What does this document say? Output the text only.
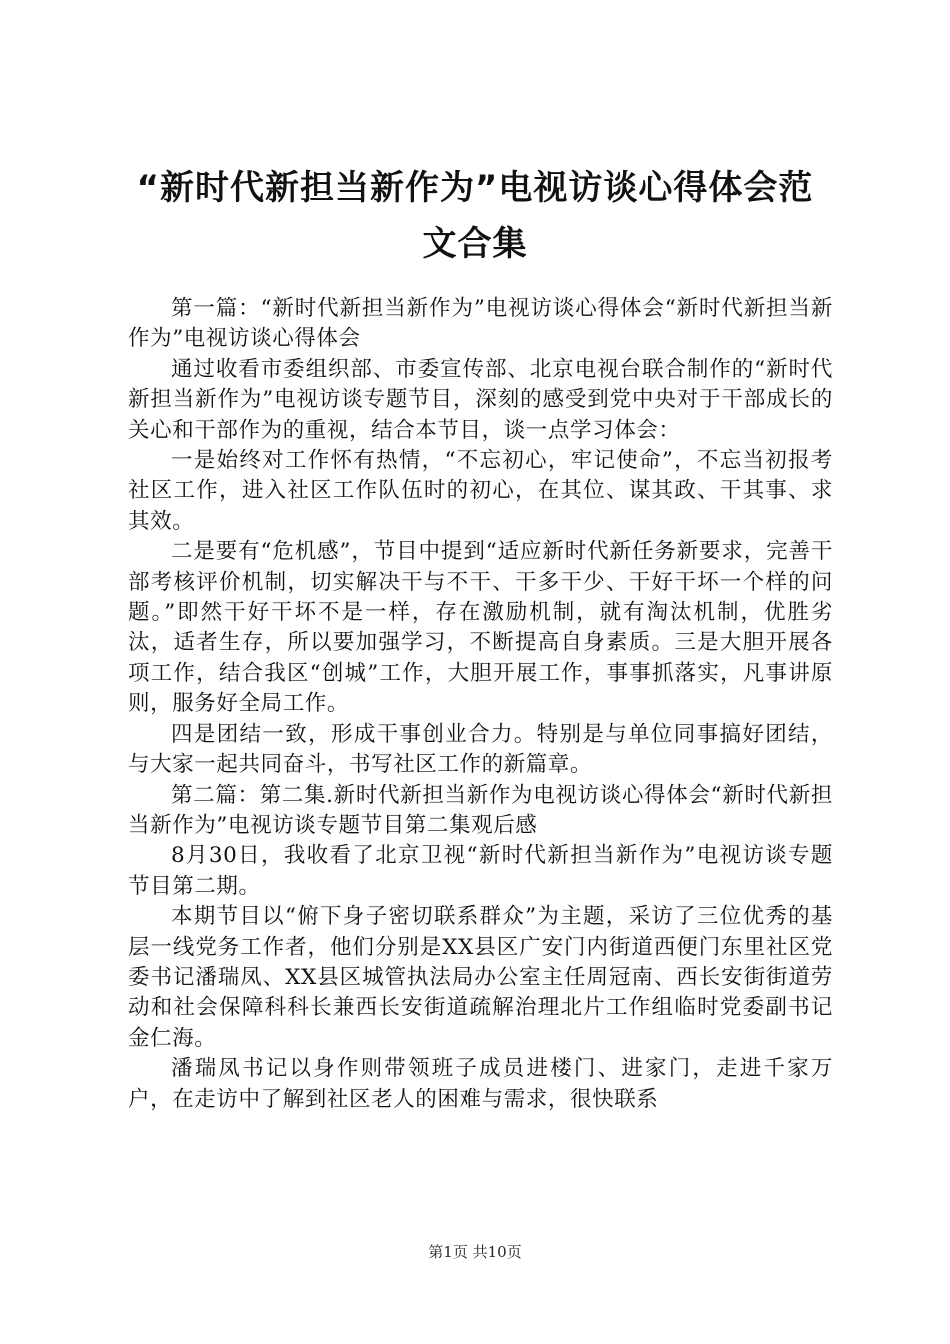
“新时代新担当新作为”电视访谈心得体会范
文合集

第一篇：“新时代新担当新作为”电视访谈心得体会“新时代新担当新作为”电视访谈心得体会

通过收看市委组织部、市委宣传部、北京电视台联合制作的“新时代新担当新作为”电视访谈专题节目，深刻的感受到党中央对于干部成长的关心和干部作为的重视，结合本节目，谈一点学习体会：

一是始终对工作怀有热情，“不忘初心，牢记使命”，不忘当初报考社区工作，进入社区工作队伍时的初心，在其位、谋其政、干其事、求其效。

二是要有“危机感”，节目中提到“适应新时代新任务新要求，完善干部考核评价机制，切实解决干与不干、干多干少、干好干坏一个样的问题。”即然干好干坏不是一样，存在激励机制，就有淘汰机制，优胜劣汰，适者生存，所以要加强学习，不断提高自身素质。三是大胆开展各项工作，结合我区“创城”工作，大胆开展工作，事事抓落实，凡事讲原则，服务好全局工作。

四是团结一致，形成干事创业合力。特别是与单位同事搞好团结，与大家一起共同奋斗，书写社区工作的新篇章。

第二篇：第二集.新时代新担当新作为电视访谈心得体会“新时代新担当新作为”电视访谈专题节目第二集观后感

8月30日，我收看了北京卫视“新时代新担当新作为”电视访谈专题节目第二期。

本期节目以“俯下身子密切联系群众”为主题，采访了三位优秀的基层一线党务工作者，他们分别是XX县区广安门内街道西便门东里社区党委书记潘瑞凤、XX县区城管执法局办公室主任周冠南、西长安街街道劳动和社会保障科科长兼西长安街道疏解治理北片工作组临时党委副书记金仁海。

潘瑞凤书记以身作则带领班子成员进楼门、进家门，走进千家万户，在走访中了解到社区老人的困难与需求，很快联系

第1页 共10页
